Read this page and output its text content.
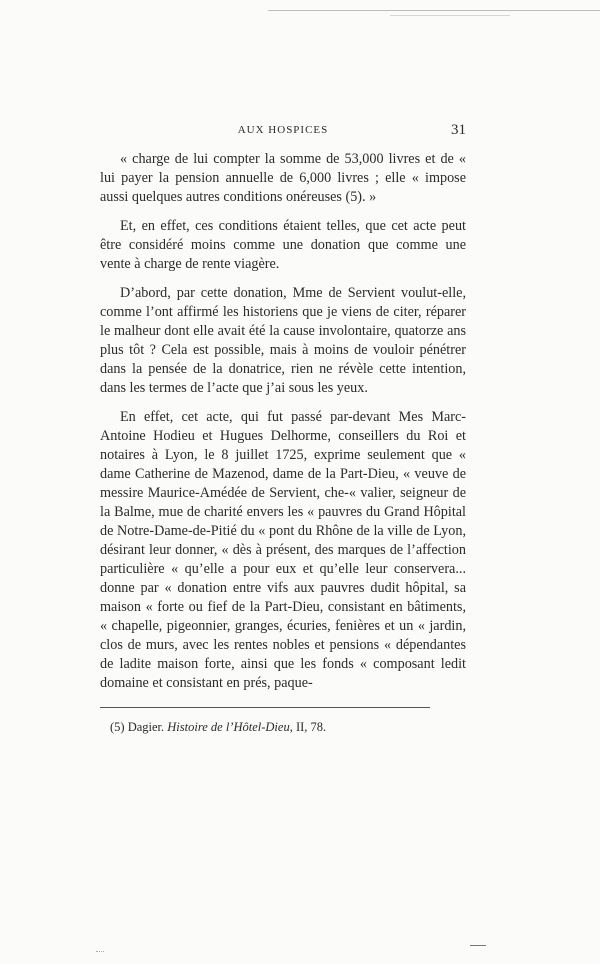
AUX HOSPICES	31

« charge de lui compter la somme de 53,000 livres et de « lui payer la pension annuelle de 6,000 livres ; elle « impose aussi quelques autres conditions onéreuses (5). »

Et, en effet, ces conditions étaient telles, que cet acte peut être considéré moins comme une donation que comme une vente à charge de rente viagère.

D’abord, par cette donation, Mme de Servient voulut-elle, comme l’ont affirmé les historiens que je viens de citer, réparer le malheur dont elle avait été la cause involontaire, quatorze ans plus tôt ? Cela est possible, mais à moins de vouloir pénétrer dans la pensée de la donatrice, rien ne révèle cette intention, dans les termes de l’acte que j’ai sous les yeux.

En effet, cet acte, qui fut passé par-devant Mes Marc-Antoine Hodieu et Hugues Delhorme, conseillers du Roi et notaires à Lyon, le 8 juillet 1725, exprime seulement que « dame Catherine de Mazenod, dame de la Part-Dieu, « veuve de messire Maurice-Amédée de Servient, che-« valier, seigneur de la Balme, mue de charité envers les « pauvres du Grand Hôpital de Notre-Dame-de-Pitié du « pont du Rhône de la ville de Lyon, désirant leur donner, « dès à présent, des marques de l’affection particulière « qu’elle a pour eux et qu’elle leur conservera... donne par « donation entre vifs aux pauvres dudit hôpital, sa maison « forte ou fief de la Part-Dieu, consistant en bâtiments, « chapelle, pigeonnier, granges, écuries, fenières et un « jardin, clos de murs, avec les rentes nobles et pensions « dépendantes de ladite maison forte, ainsi que les fonds « composant ledit domaine et consistant en prés, paque-

(5) Dagier. Histoire de l’Hôtel-Dieu, II, 78.
